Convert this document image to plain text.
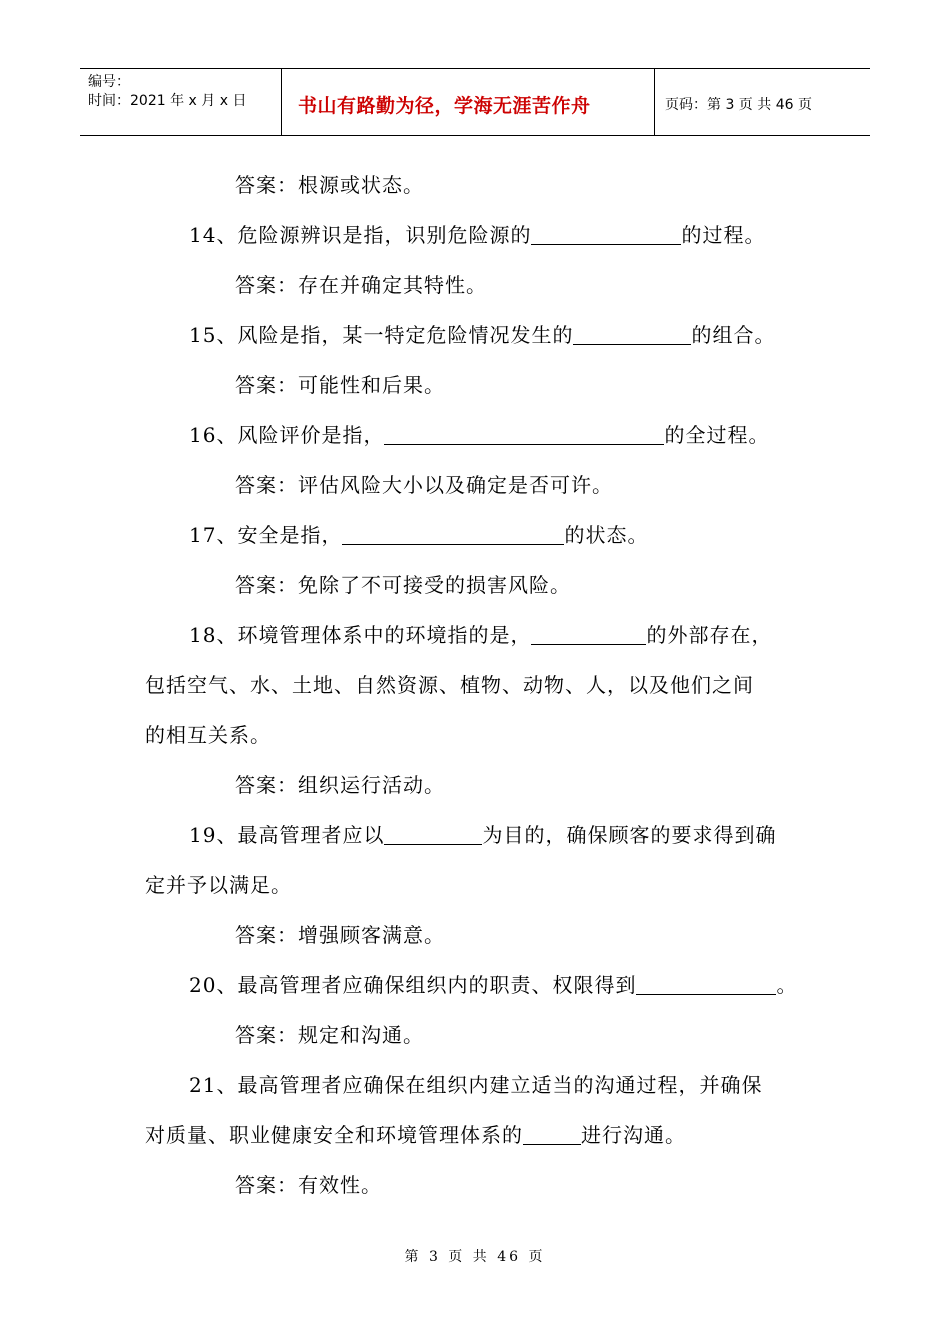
编号：
时间：2021 年 x 月 x 日	书山有路勤为径，学海无涯苦作舟	页码：第 3 页 共 46 页
答案：根源或状态。
14、危险源辨识是指，识别危险源的	的过程。
答案：存在并确定其特性。
15、风险是指，某一特定危险情况发生的	的组合。
答案：可能性和后果。
16、风险评价是指，	的全过程。
答案：评估风险大小以及确定是否可许。
17、安全是指，	的状态。
答案：免除了不可接受的损害风险。
18、环境管理体系中的环境指的是，	的外部存在，
包括空气、水、土地、自然资源、植物、动物、人，以及他们之间
的相互关系。
答案：组织运行活动。
19、最高管理者应以	为目的，确保顾客的要求得到确
定并予以满足。
答案：增强顾客满意。
20、最高管理者应确保组织内的职责、权限得到	。
答案：规定和沟通。
21、最高管理者应确保在组织内建立适当的沟通过程，并确保
对质量、职业健康安全和环境管理体系的	进行沟通。
答案：有效性。
第 3 页 共 46 页
